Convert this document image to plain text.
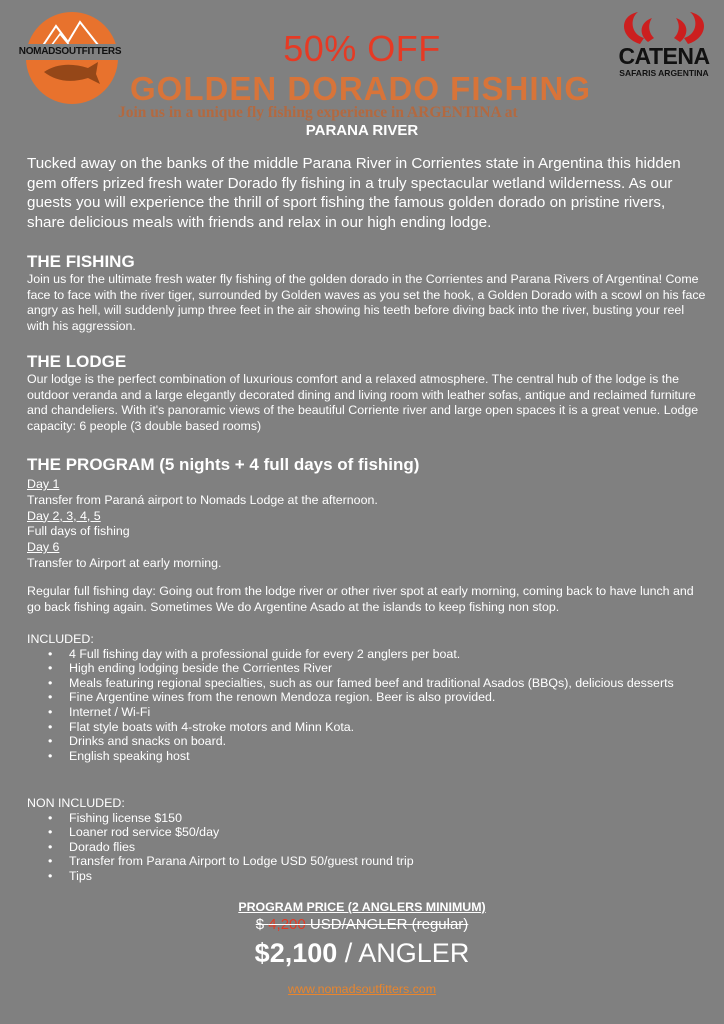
NOMADSOUTFITTERS	CATENA
SAFARIS ARGENTINA
50% OFF
GOLDEN DORADO FISHING
Join us in a unique fly fishing experience in ARGENTINA at
PARANA RIVER
Tucked away on the banks of the middle Parana River in Corrientes state in Argentina this hidden gem offers prized fresh water Dorado fly fishing in a truly spectacular wetland wilderness. As our guests you will experience the thrill of sport fishing the famous golden dorado on pristine rivers, share delicious meals with friends and relax in our high ending lodge.
THE FISHING
Join us for the ultimate fresh water fly fishing of the golden dorado in the Corrientes and Parana Rivers of Argentina! Come face to face with the river tiger, surrounded by Golden waves as you set the hook, a Golden Dorado with a scowl on his face angry as hell, will suddenly jump three feet in the air showing his teeth before diving back into the river, busting your reel with his aggression.
THE LODGE
Our lodge is the perfect combination of luxurious comfort and a relaxed atmosphere. The central hub of the lodge is the outdoor veranda and a large elegantly decorated dining and living room with leather sofas, antique and reclaimed furniture and chandeliers. With it's panoramic views of the beautiful Corriente river and large open spaces it is a great venue. Lodge capacity: 6 people (3 double based rooms)
THE PROGRAM (5 nights + 4 full days of fishing)
Day 1
Transfer from Paraná airport to Nomads Lodge at the afternoon.
Day 2, 3, 4, 5
Full days of fishing
Day 6
Transfer to Airport at early morning.
Regular full fishing day: Going out from the lodge river or other river spot at early morning, coming back to have lunch and go back fishing again. Sometimes We do Argentine Asado at the islands to keep fishing non stop.
INCLUDED:
• 4 Full fishing day with a professional guide for every 2 anglers per boat.
• High ending lodging beside the Corrientes River
• Meals featuring regional specialties, such as our famed beef and traditional Asados (BBQs), delicious desserts
• Fine Argentine wines from the renown Mendoza region. Beer is also provided.
• Internet / Wi-Fi
• Flat style boats with 4-stroke motors and Minn Kota.
• Drinks and snacks on board.
• English speaking host
NON INCLUDED:
• Fishing license $150
• Loaner rod service $50/day
• Dorado flies
• Transfer from Parana Airport to Lodge USD 50/guest round trip
• Tips
PROGRAM PRICE (2 ANGLERS MINIMUM)
$ 4,200 USD/ANGLER (regular)
$2,100 / ANGLER
www.nomadsoutfitters.com
